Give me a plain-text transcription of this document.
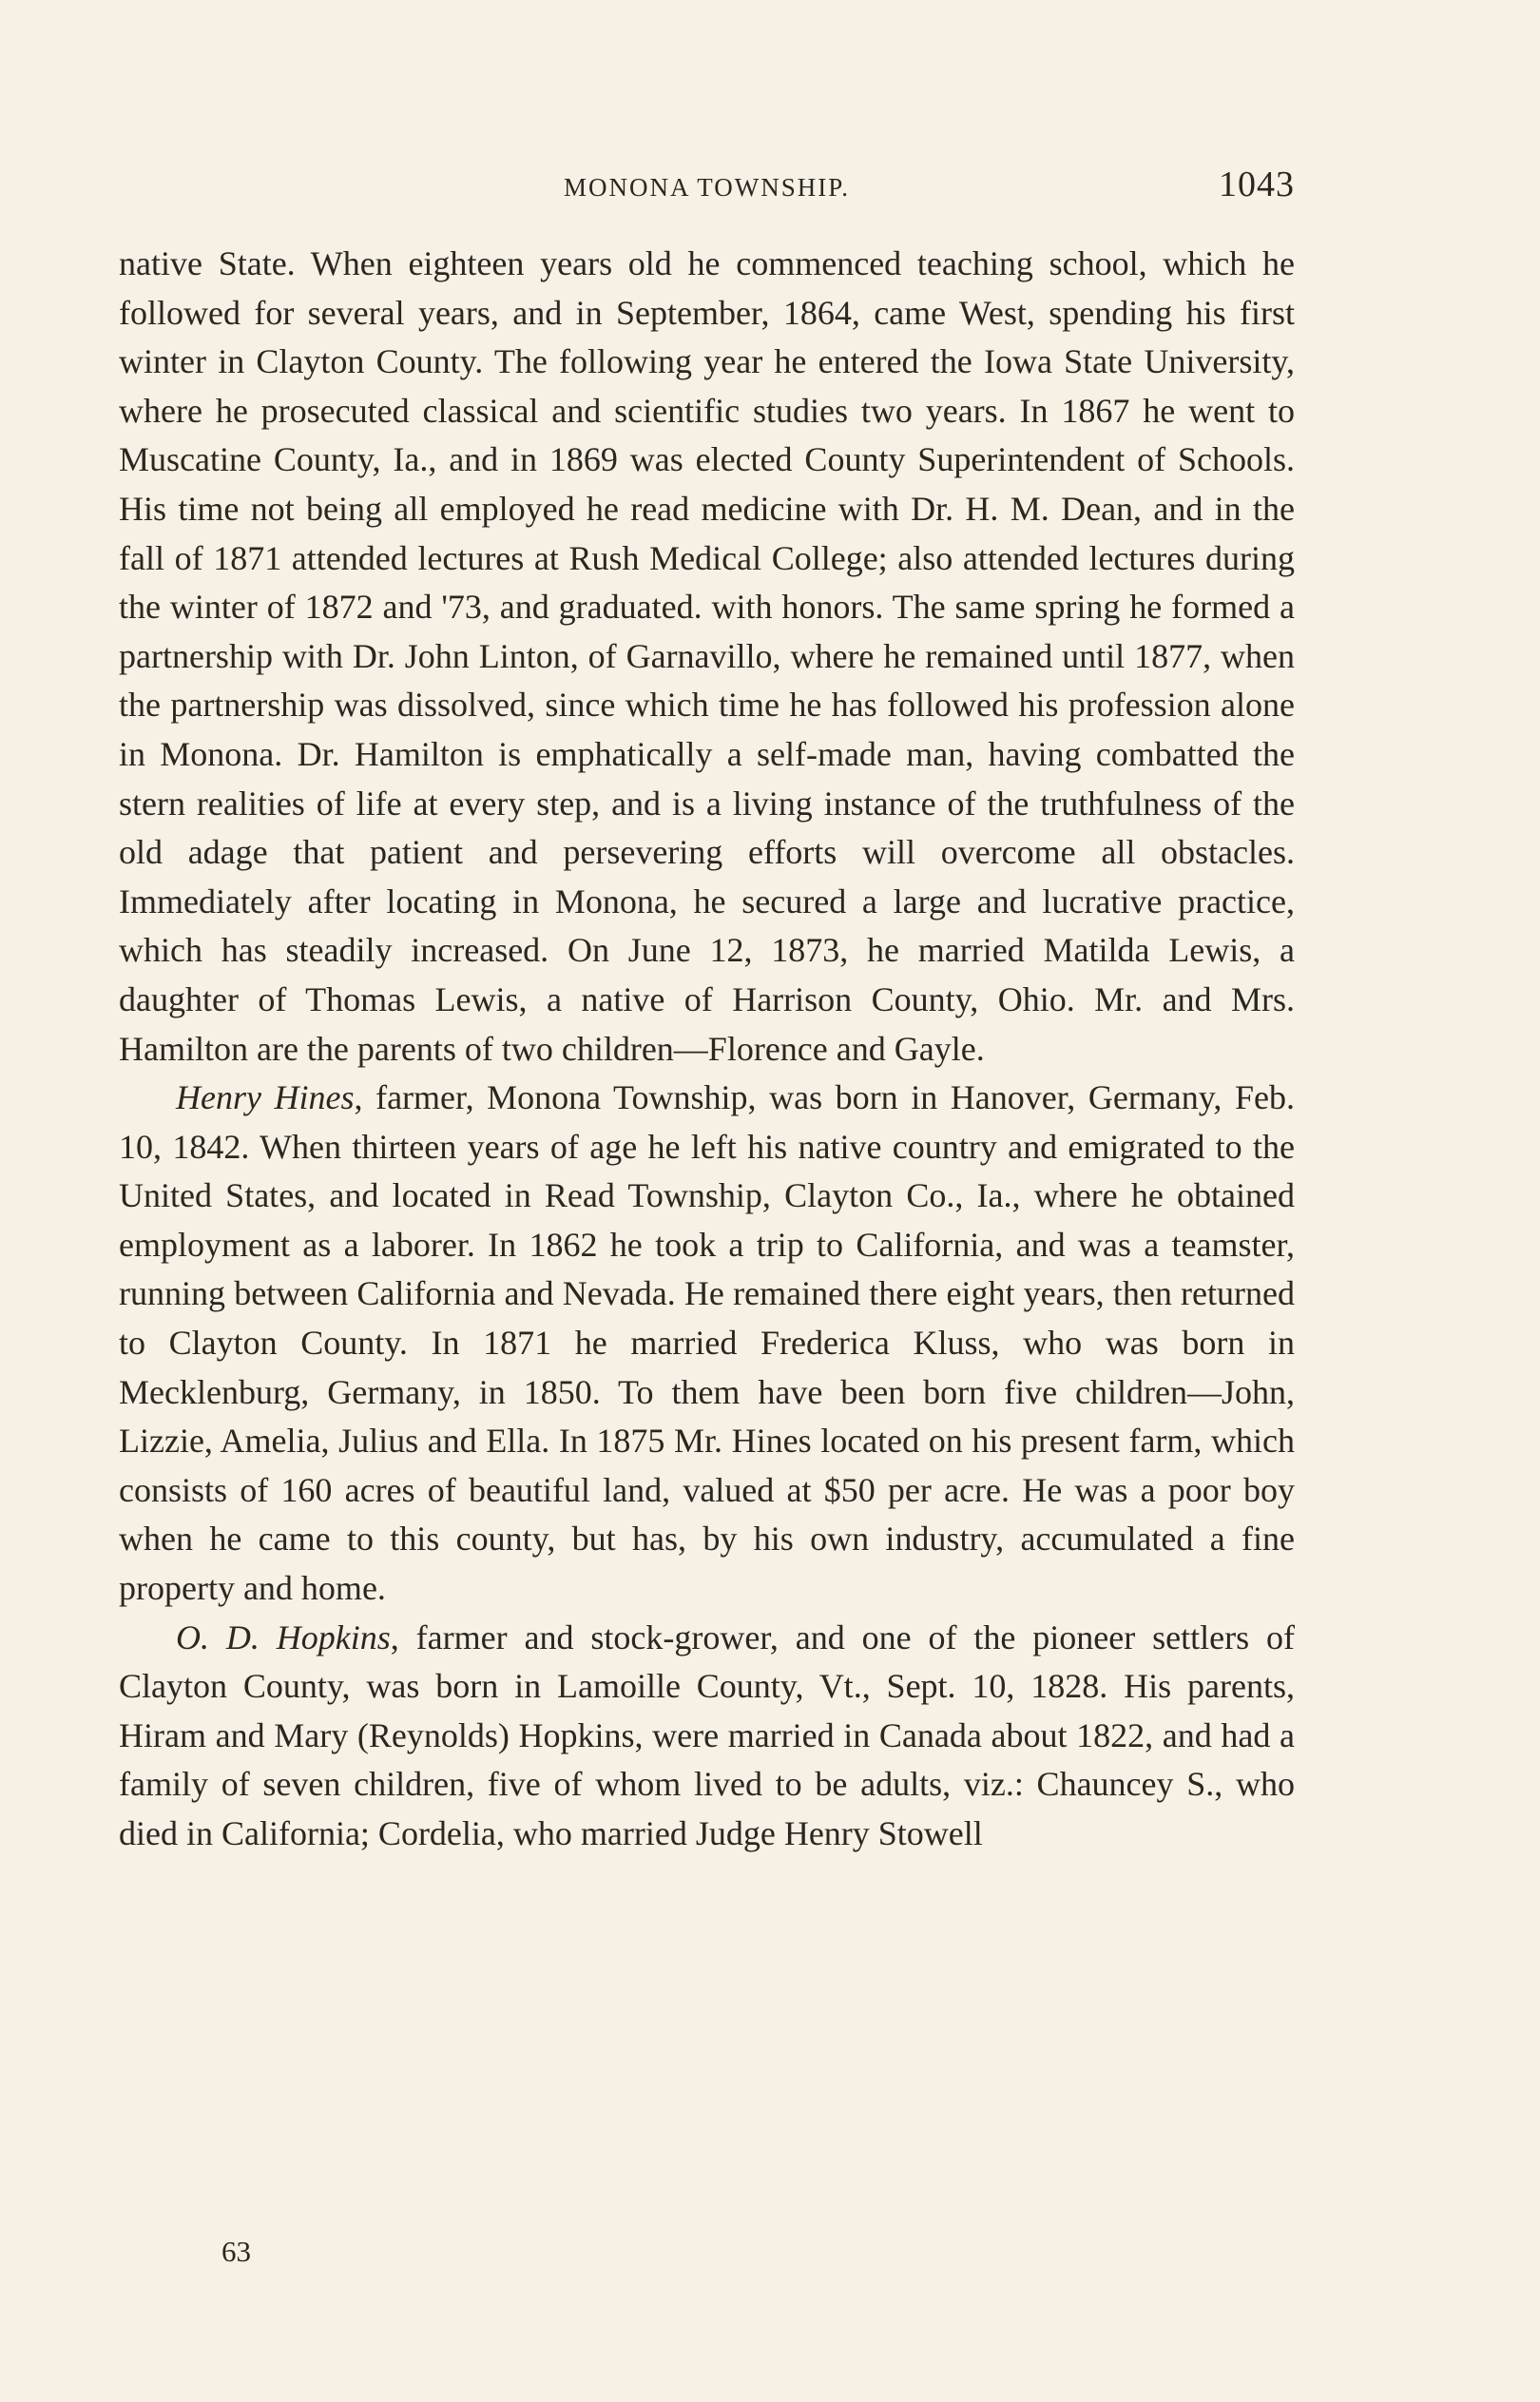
MONONA TOWNSHIP.	1043

native State. When eighteen years old he commenced teaching school, which he followed for several years, and in September, 1864, came West, spending his first winter in Clayton County. The following year he entered the Iowa State University, where he prosecuted classical and scientific studies two years. In 1867 he went to Muscatine County, Ia., and in 1869 was elected County Superintendent of Schools. His time not being all employed he read medicine with Dr. H. M. Dean, and in the fall of 1871 attended lectures at Rush Medical College; also attended lectures during the winter of 1872 and '73, and graduated. with honors. The same spring he formed a partnership with Dr. John Linton, of Garnavillo, where he remained until 1877, when the partnership was dissolved, since which time he has followed his profession alone in Monona. Dr. Hamilton is emphatically a self-made man, having combatted the stern realities of life at every step, and is a living instance of the truthfulness of the old adage that patient and persevering efforts will overcome all obstacles. Immediately after locating in Monona, he secured a large and lucrative practice, which has steadily increased. On June 12, 1873, he married Matilda Lewis, a daughter of Thomas Lewis, a native of Harrison County, Ohio. Mr. and Mrs. Hamilton are the parents of two children—Florence and Gayle.

Henry Hines, farmer, Monona Township, was born in Hanover, Germany, Feb. 10, 1842. When thirteen years of age he left his native country and emigrated to the United States, and located in Read Township, Clayton Co., Ia., where he obtained employment as a laborer. In 1862 he took a trip to California, and was a teamster, running between California and Nevada. He remained there eight years, then returned to Clayton County. In 1871 he married Frederica Kluss, who was born in Mecklenburg, Germany, in 1850. To them have been born five children—John, Lizzie, Amelia, Julius and Ella. In 1875 Mr. Hines located on his present farm, which consists of 160 acres of beautiful land, valued at $50 per acre. He was a poor boy when he came to this county, but has, by his own industry, accumulated a fine property and home.

O. D. Hopkins, farmer and stock-grower, and one of the pioneer settlers of Clayton County, was born in Lamoille County, Vt., Sept. 10, 1828. His parents, Hiram and Mary (Reynolds) Hopkins, were married in Canada about 1822, and had a family of seven children, five of whom lived to be adults, viz.: Chauncey S., who died in California; Cordelia, who married Judge Henry Stowell

63
